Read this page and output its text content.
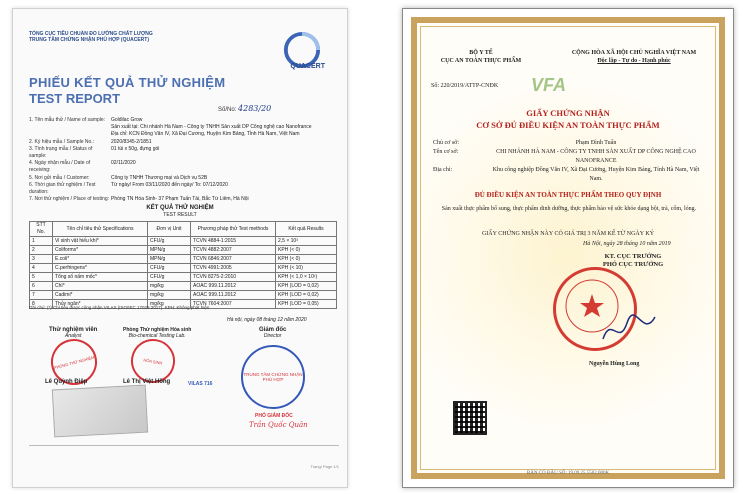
TỔNG CỤC TIÊU CHUẨN ĐO LƯỜNG CHẤT LƯỢNG
TRUNG TÂM CHỨNG NHẬN PHÙ HỢP (QUACERT)
QUACERT
PHIẾU KẾT QUẢ THỬ NGHIỆM
TEST REPORT
Số/No: 4283/20
1. Tên mẫu thử / Name of sample:	Goldilac Grow
Sản xuất tại: Chi nhánh Hà Nam - Công ty TNHH Sản xuất DP Công nghệ cao Nanofrance
Địa chỉ: KCN Đồng Văn IV, Xã Đại Cương, Huyện Kim Bảng, Tỉnh Hà Nam, Việt Nam
2. Ký hiệu mẫu / Sample No.:	2020/8345-2/1851
3. Tình trạng mẫu / Status of sample:
01 túi x 50g, đựng gói
4. Ngày nhận mẫu / Date of receiving:
02/11/2020
5. Nơi gửi mẫu / Customer:	Công ty TNHH Thương mại và Dịch vụ 52B
6. Thời gian thử nghiệm / Test duration:
Từ ngày/ From 03/11/2020 đến ngày/ To: 07/12/2020
7. Nơi thử nghiệm / Place of testing: Phòng TN Hóa Sinh- 37 Phạm Tuấn Tài, Bắc Từ Liêm, Hà Nội
KẾT QUẢ THỬ NGHIỆM
TEST RESULT
STT No.	Tên chỉ tiêu thử Specifications	Đơn vị Unit	Phương pháp thử Test methods	Kết quả Results
1	Vi sinh vật hiếu khí*	CFU/g	TCVN 4884-1:2015	2,5 × 10³
2	Coliforms*	MPN/g	TCVN 4882:2007	KPH (< 0)
3	E.coli*	MPN/g	TCVN 6846:2007	KPH (< 0)
4	C.perfringens*	CFU/g	TCVN 4991:2005	KPH (< 10)
5	Tổng số nấm mốc*	CFU/g	TCVN 8275-2:2010	KPH (< 1,0 × 10¹)
6	Chì*	mg/kg	AOAC 999.11.2012	KPH (LOD = 0,02)
7	Cadimi*	mg/kg	AOAC 999.11.2012	KPH (LOD = 0,02)
8	Thủy ngân*	mg/kg	TCVN 7604:2007	KPH (LOD = 0,05)
Ghi chú: (*) Chỉ tiêu được công nhận VILAS (ISO/IEC 17025:2017). KPH: Không phát hiện
Hà nội, ngày 08 tháng 12 năm 2020
Thử nghiệm viên
Analyst
Phòng Thử nghiệm Hóa sinh
Bio-chemical Testing Lab.
Giám đốc
Director
PHÒNG THỬ NGHIỆM	HÓA SINH
VILAS 716
TRUNG TÂM CHỨNG NHẬN PHÙ HỢP
Lê Quỳnh Điệp	Lê Thị Việt Hồng
PHÓ GIÁM ĐỐC
Trần Quốc Quân
Trang/ Page 1/1
BỘ Y TẾ
CỤC AN TOÀN THỰC PHẨM
CỘNG HÒA XÃ HỘI CHỦ NGHĨA VIỆT NAM
Độc lập - Tự do - Hạnh phúc
Số: 220/2019/ATTP-CNĐK VFA
GIẤY CHỨNG NHẬN
CƠ SỞ ĐỦ ĐIỀU KIỆN AN TOÀN THỰC PHẨM
Chủ cơ sở:	Phạm Đình Tuấn
Tên cơ sở:	CHI NHÁNH HÀ NAM - CÔNG TY TNHH SẢN XUẤT DP CÔNG NGHỆ CAO NANOFRANCE
Địa chỉ:	Khu công nghiệp Đồng Văn IV, Xã Đại Cương, Huyện Kim Bảng, Tỉnh Hà Nam, Việt Nam.
ĐỦ ĐIỀU KIỆN AN TOÀN THỰC PHẨM THEO QUY ĐỊNH
Sản xuất thực phẩm bổ sung, thực phẩm dinh dưỡng, thực phẩm bảo vệ sức khỏe dạng bột, trà, cốm, lỏng.
GIẤY CHỨNG NHẬN NÀY CÓ GIÁ TRỊ 3 NĂM KỂ TỪ NGÀY KÝ
Hà Nội, ngày 28 tháng 10 năm 2019
KT. CỤC TRƯỞNG
PHÓ CỤC TRƯỞNG
Nguyễn Hùng Long
BÁN CÓ ĐẦU SỐ: 19.09.25.5502.000K
